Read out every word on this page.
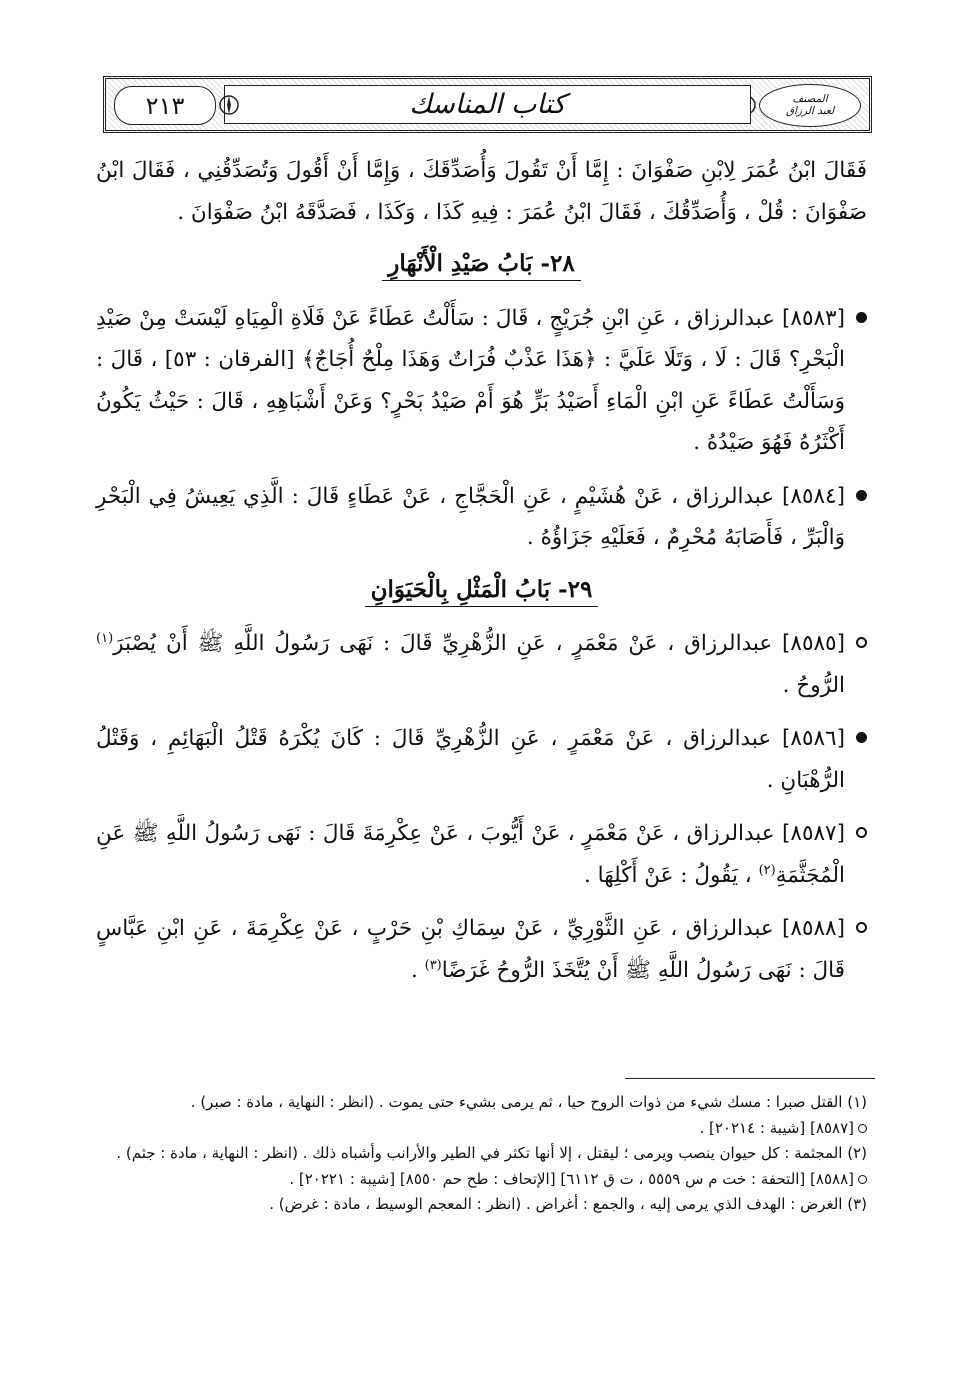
المصنف
لعبد الرزاق
كتاب المناسك
٢١٣

فَقَالَ ابْنُ عُمَرَ لِابْنِ صَفْوَانَ : إِمَّا أَنْ تَقُولَ وَأُصَدِّقَكَ ، وَإِمَّا أَنْ أَقُولَ وَتُصَدِّقُنِي ، فَقَالَ ابْنُ صَفْوَانَ : قُلْ ، وَأُصَدِّقُكَ ، فَقَالَ ابْنُ عُمَرَ : فِيهِ كَذَا ، وَكَذَا ، فَصَدَّقَهُ ابْنُ صَفْوَانَ .

٢٨- بَابُ صَيْدِ الْأَنْهَارِ

[٨٥٨٣] عبدالرزاق ، عَنِ ابْنِ جُرَيْجٍ ، قَالَ : سَأَلْتُ عَطَاءً عَنْ فَلَاةِ الْمِيَاهِ لَيْسَتْ مِنْ صَيْدِ الْبَحْرِ؟ قَالَ : لَا ، وَتَلَا عَلَيَّ : ﴿هَذَا عَذْبٌ فُرَاتٌ وَهَذَا مِلْحٌ أُجَاجٌ﴾ [الفرقان : ٥٣] ، قَالَ : وَسَأَلْتُ عَطَاءً عَنِ ابْنِ الْمَاءِ أَصَيْدُ بَرٍّ هُوَ أَمْ صَيْدُ بَحْرٍ؟ وَعَنْ أَشْبَاهِهِ ، قَالَ : حَيْثُ يَكُونُ أَكْثَرُهُ فَهُوَ صَيْدُهُ .

[٨٥٨٤] عبدالرزاق ، عَنْ هُشَيْمٍ ، عَنِ الْحَجَّاجِ ، عَنْ عَطَاءٍ قَالَ : الَّذِي يَعِيشُ فِي الْبَحْرِ وَالْبَرِّ ، فَأَصَابَهُ مُحْرِمٌ ، فَعَلَيْهِ جَزَاؤُهُ .

٢٩- بَابُ الْمَثْلِ بِالْحَيَوَانِ

[٨٥٨٥] عبدالرزاق ، عَنْ مَعْمَرٍ ، عَنِ الزُّهْرِيِّ قَالَ : نَهَى رَسُولُ اللَّهِ ﷺ أَنْ يُصْبَرَ$^{(١)}$ الرُّوحُ .

[٨٥٨٦] عبدالرزاق ، عَنْ مَعْمَرٍ ، عَنِ الزُّهْرِيِّ قَالَ : كَانَ يُكْرَهُ قَتْلُ الْبَهَائِمِ ، وَقَتْلُ الرُّهْبَانِ .

[٨٥٨٧] عبدالرزاق ، عَنْ مَعْمَرٍ ، عَنْ أَيُّوبَ ، عَنْ عِكْرِمَةَ قَالَ : نَهَى رَسُولُ اللَّهِ ﷺ عَنِ الْمُجَثَّمَةِ$^{(٢)}$ ، يَقُولُ : عَنْ أَكْلِهَا .

[٨٥٨٨] عبدالرزاق ، عَنِ الثَّوْرِيِّ ، عَنْ سِمَاكِ بْنِ حَرْبٍ ، عَنْ عِكْرِمَةَ ، عَنِ ابْنِ عَبَّاسٍ قَالَ : نَهَى رَسُولُ اللَّهِ ﷺ أَنْ يُتَّخَذَ الرُّوحُ غَرَضًا$^{(٣)}$ .

(١) القتل صبرا : مسك شيء من ذوات الروح حيا ، ثم يرمى بشيء حتى يموت . (انظر : النهاية ، مادة : صبر) .

[٨٥٨٧] [شيبة : ٢٠٢١٤] .

(٢) المجثمة : كل حيوان ينصب ويرمى ؛ ليقتل ، إلا أنها تكثر في الطير والأرانب وأشباه ذلك . (انظر : النهاية ، مادة : جثم) .

[٨٥٨٨] [التحفة : خت م س ٥٥٥٩ ، ت ق ٦١١٢] [الإتحاف : طح حم ٨٥٥٠] [شيبة : ٢٠٢٢١] .

(٣) الغرض : الهدف الذي يرمى إليه ، والجمع : أغراض . (انظر : المعجم الوسيط ، مادة : غرض) .
